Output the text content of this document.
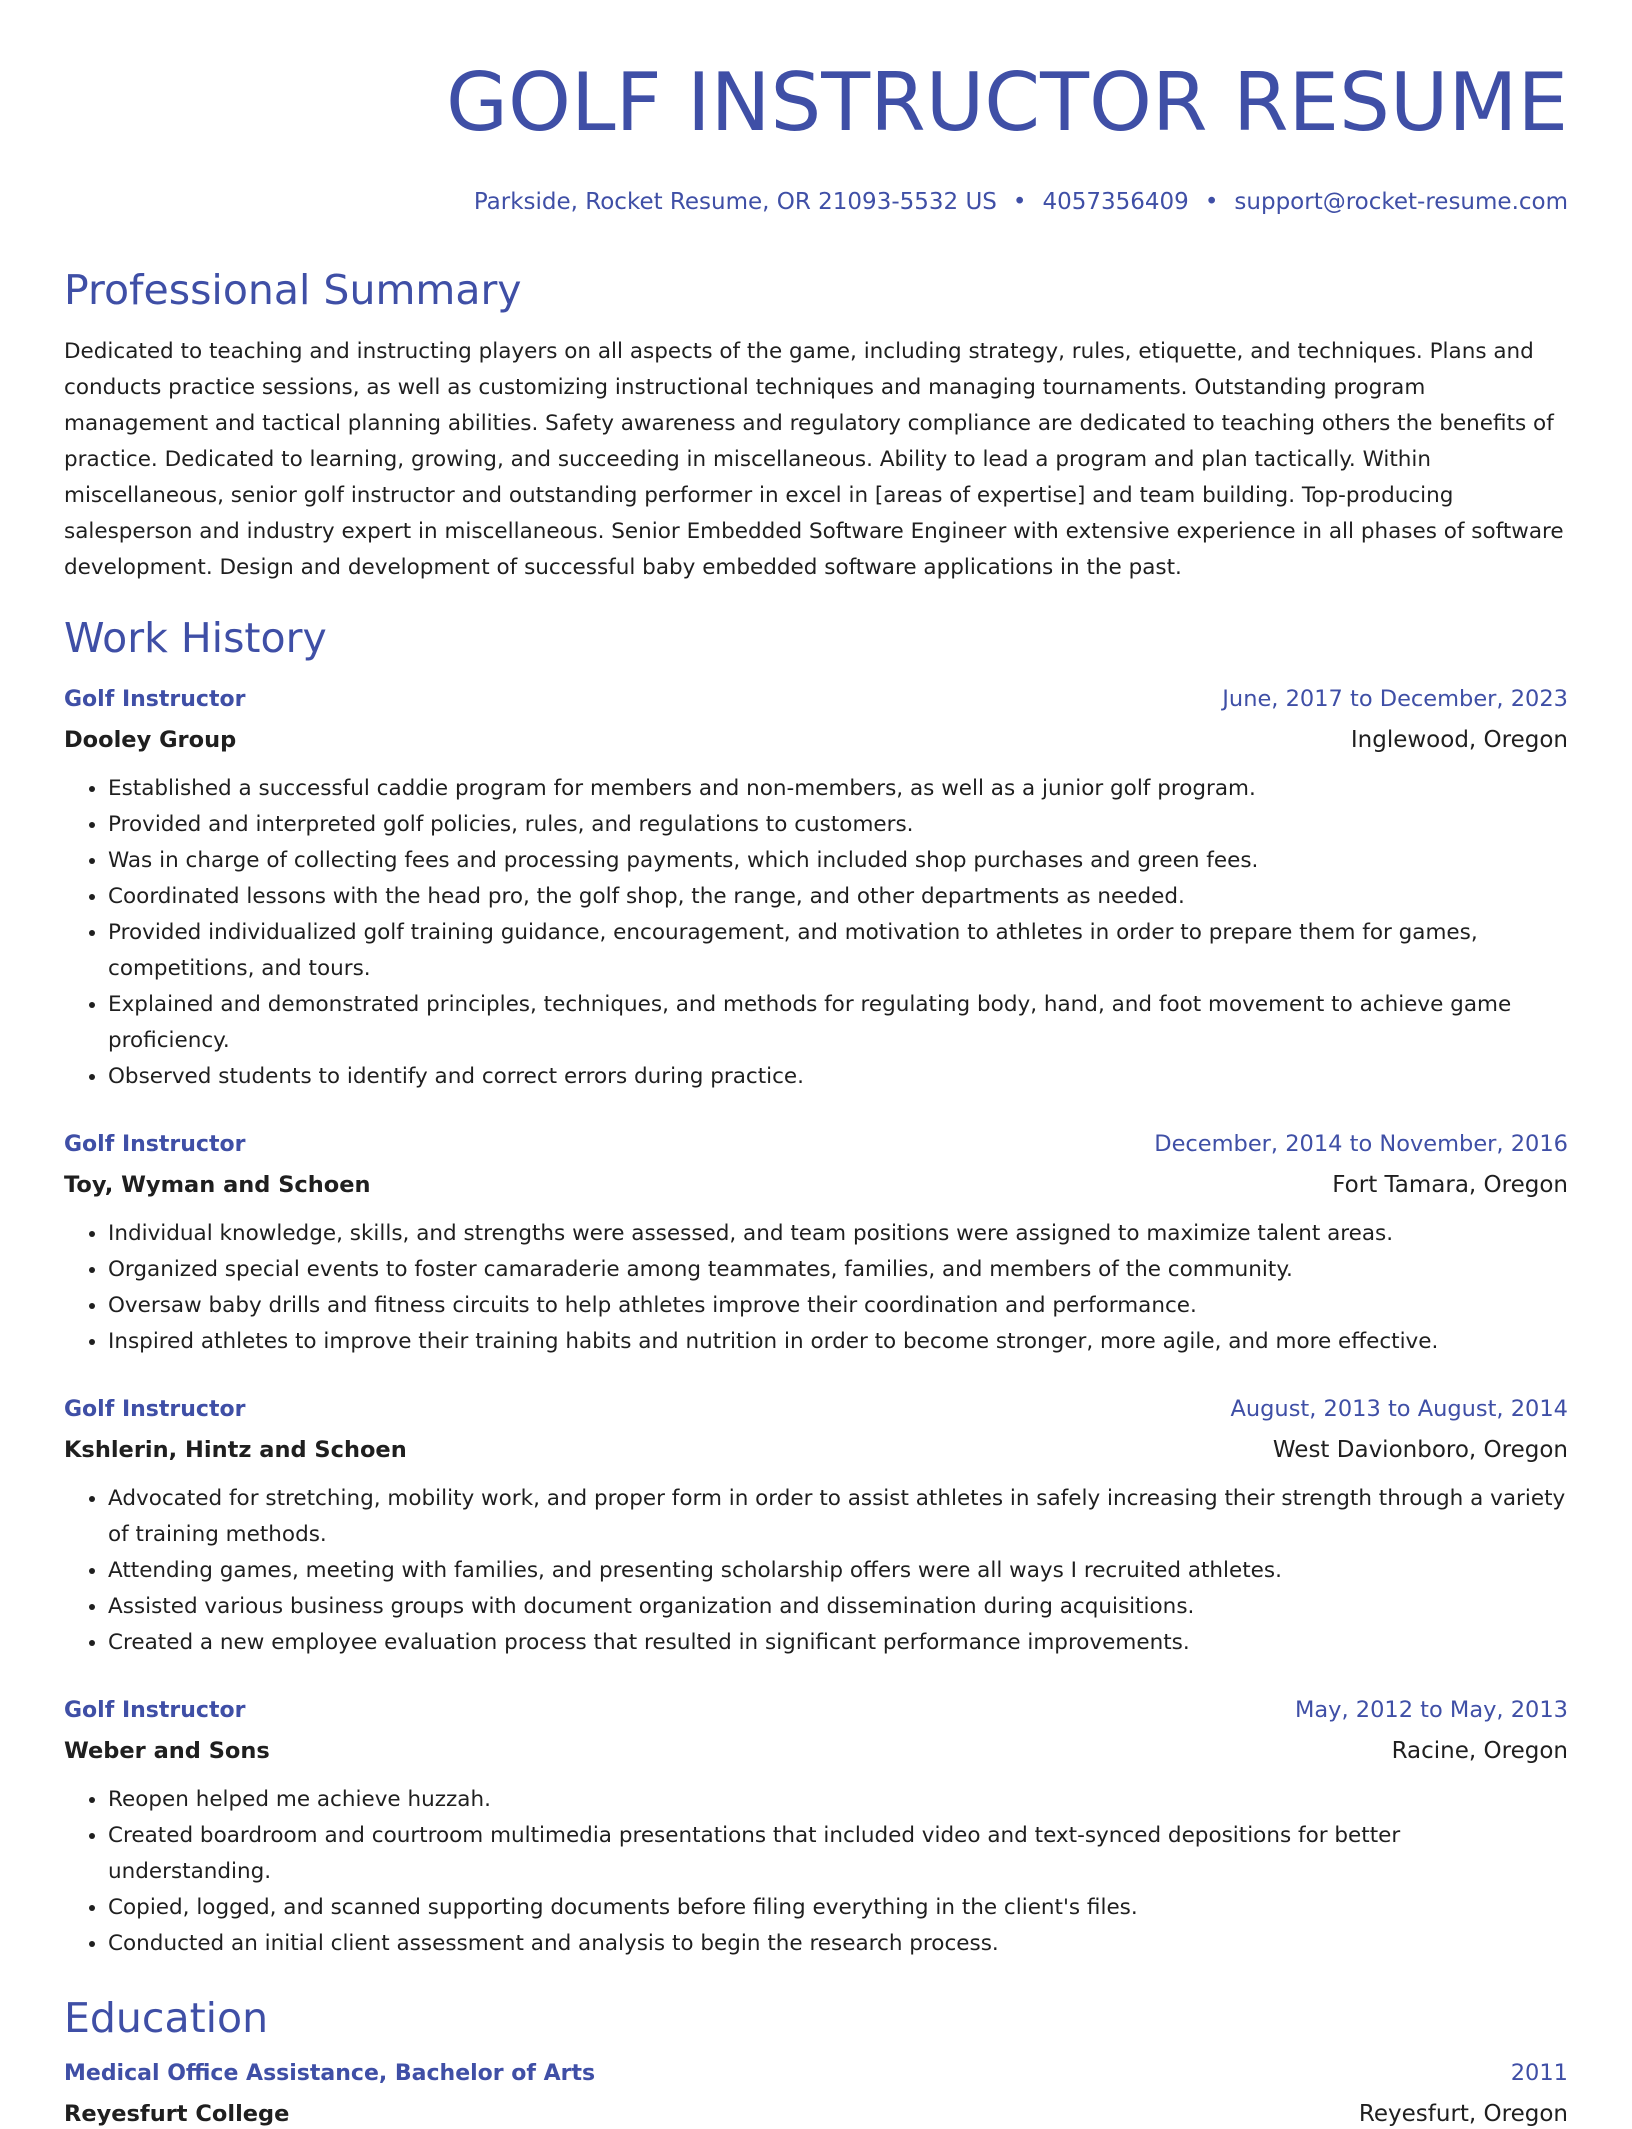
GOLF INSTRUCTOR RESUME
Parkside, Rocket Resume, OR 21093-5532 US • 4057356409 • support@rocket-resume.com
Professional Summary
Dedicated to teaching and instructing players on all aspects of the game, including strategy, rules, etiquette, and techniques. Plans and conducts practice sessions, as well as customizing instructional techniques and managing tournaments. Outstanding program management and tactical planning abilities. Safety awareness and regulatory compliance are dedicated to teaching others the benefits of practice. Dedicated to learning, growing, and succeeding in miscellaneous. Ability to lead a program and plan tactically. Within miscellaneous, senior golf instructor and outstanding performer in excel in [areas of expertise] and team building. Top-producing salesperson and industry expert in miscellaneous. Senior Embedded Software Engineer with extensive experience in all phases of software development. Design and development of successful baby embedded software applications in the past.
Work History
Golf Instructor	June, 2017 to December, 2023
Dooley Group	Inglewood, Oregon
• Established a successful caddie program for members and non-members, as well as a junior golf program.
• Provided and interpreted golf policies, rules, and regulations to customers.
• Was in charge of collecting fees and processing payments, which included shop purchases and green fees.
• Coordinated lessons with the head pro, the golf shop, the range, and other departments as needed.
• Provided individualized golf training guidance, encouragement, and motivation to athletes in order to prepare them for games, competitions, and tours.
• Explained and demonstrated principles, techniques, and methods for regulating body, hand, and foot movement to achieve game proficiency.
• Observed students to identify and correct errors during practice.
Golf Instructor	December, 2014 to November, 2016
Toy, Wyman and Schoen	Fort Tamara, Oregon
• Individual knowledge, skills, and strengths were assessed, and team positions were assigned to maximize talent areas.
• Organized special events to foster camaraderie among teammates, families, and members of the community.
• Oversaw baby drills and fitness circuits to help athletes improve their coordination and performance.
• Inspired athletes to improve their training habits and nutrition in order to become stronger, more agile, and more effective.
Golf Instructor	August, 2013 to August, 2014
Kshlerin, Hintz and Schoen	West Davionboro, Oregon
• Advocated for stretching, mobility work, and proper form in order to assist athletes in safely increasing their strength through a variety of training methods.
• Attending games, meeting with families, and presenting scholarship offers were all ways I recruited athletes.
• Assisted various business groups with document organization and dissemination during acquisitions.
• Created a new employee evaluation process that resulted in significant performance improvements.
Golf Instructor	May, 2012 to May, 2013
Weber and Sons	Racine, Oregon
• Reopen helped me achieve huzzah.
• Created boardroom and courtroom multimedia presentations that included video and text-synced depositions for better understanding.
• Copied, logged, and scanned supporting documents before filing everything in the client's files.
• Conducted an initial client assessment and analysis to begin the research process.
Education
Medical Office Assistance, Bachelor of Arts	2011
Reyesfurt College	Reyesfurt, Oregon
